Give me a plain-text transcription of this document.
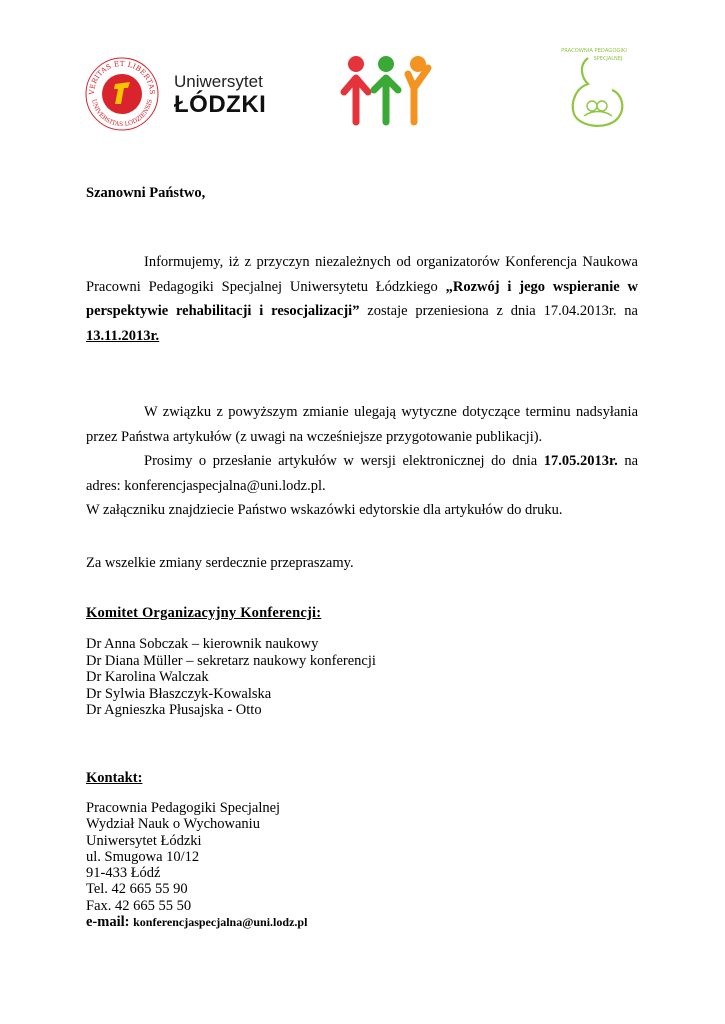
VERITAS ET LIBERTAS
UNIVERSITAS LODZIENSIS
Uniwersytet
ŁÓDZKI
PRACOWNIA PEDAGOGIKI
SPECJALNEJ
Szanowni Państwo,
Informujemy, iż z przyczyn niezależnych od organizatorów Konferencja Naukowa Pracowni Pedagogiki Specjalnej Uniwersytetu Łódzkiego „Rozwój i jego wspieranie w perspektywie rehabilitacji i resocjalizacji” zostaje przeniesiona z dnia 17.04.2013r. na 13.11.2013r.
W związku z powyższym zmianie ulegają wytyczne dotyczące terminu nadsyłania przez Państwa artykułów (z uwagi na wcześniejsze przygotowanie publikacji).
Prosimy o przesłanie artykułów w wersji elektronicznej do dnia 17.05.2013r. na adres: konferencjaspecjalna@uni.lodz.pl.
W załączniku znajdziecie Państwo wskazówki edytorskie dla artykułów do druku.
Za wszelkie zmiany serdecznie przepraszamy.
Komitet Organizacyjny Konferencji:
Dr Anna Sobczak – kierownik naukowy
Dr Diana Müller – sekretarz naukowy konferencji
Dr Karolina Walczak
Dr Sylwia Błaszczyk-Kowalska
Dr Agnieszka Płusajska - Otto
Kontakt:
Pracownia Pedagogiki Specjalnej
Wydział Nauk o Wychowaniu
Uniwersytet Łódzki
ul. Smugowa 10/12
91-433 Łódź
Tel. 42 665 55 90
Fax. 42 665 55 50
e-mail: konferencjaspecjalna@uni.lodz.pl
